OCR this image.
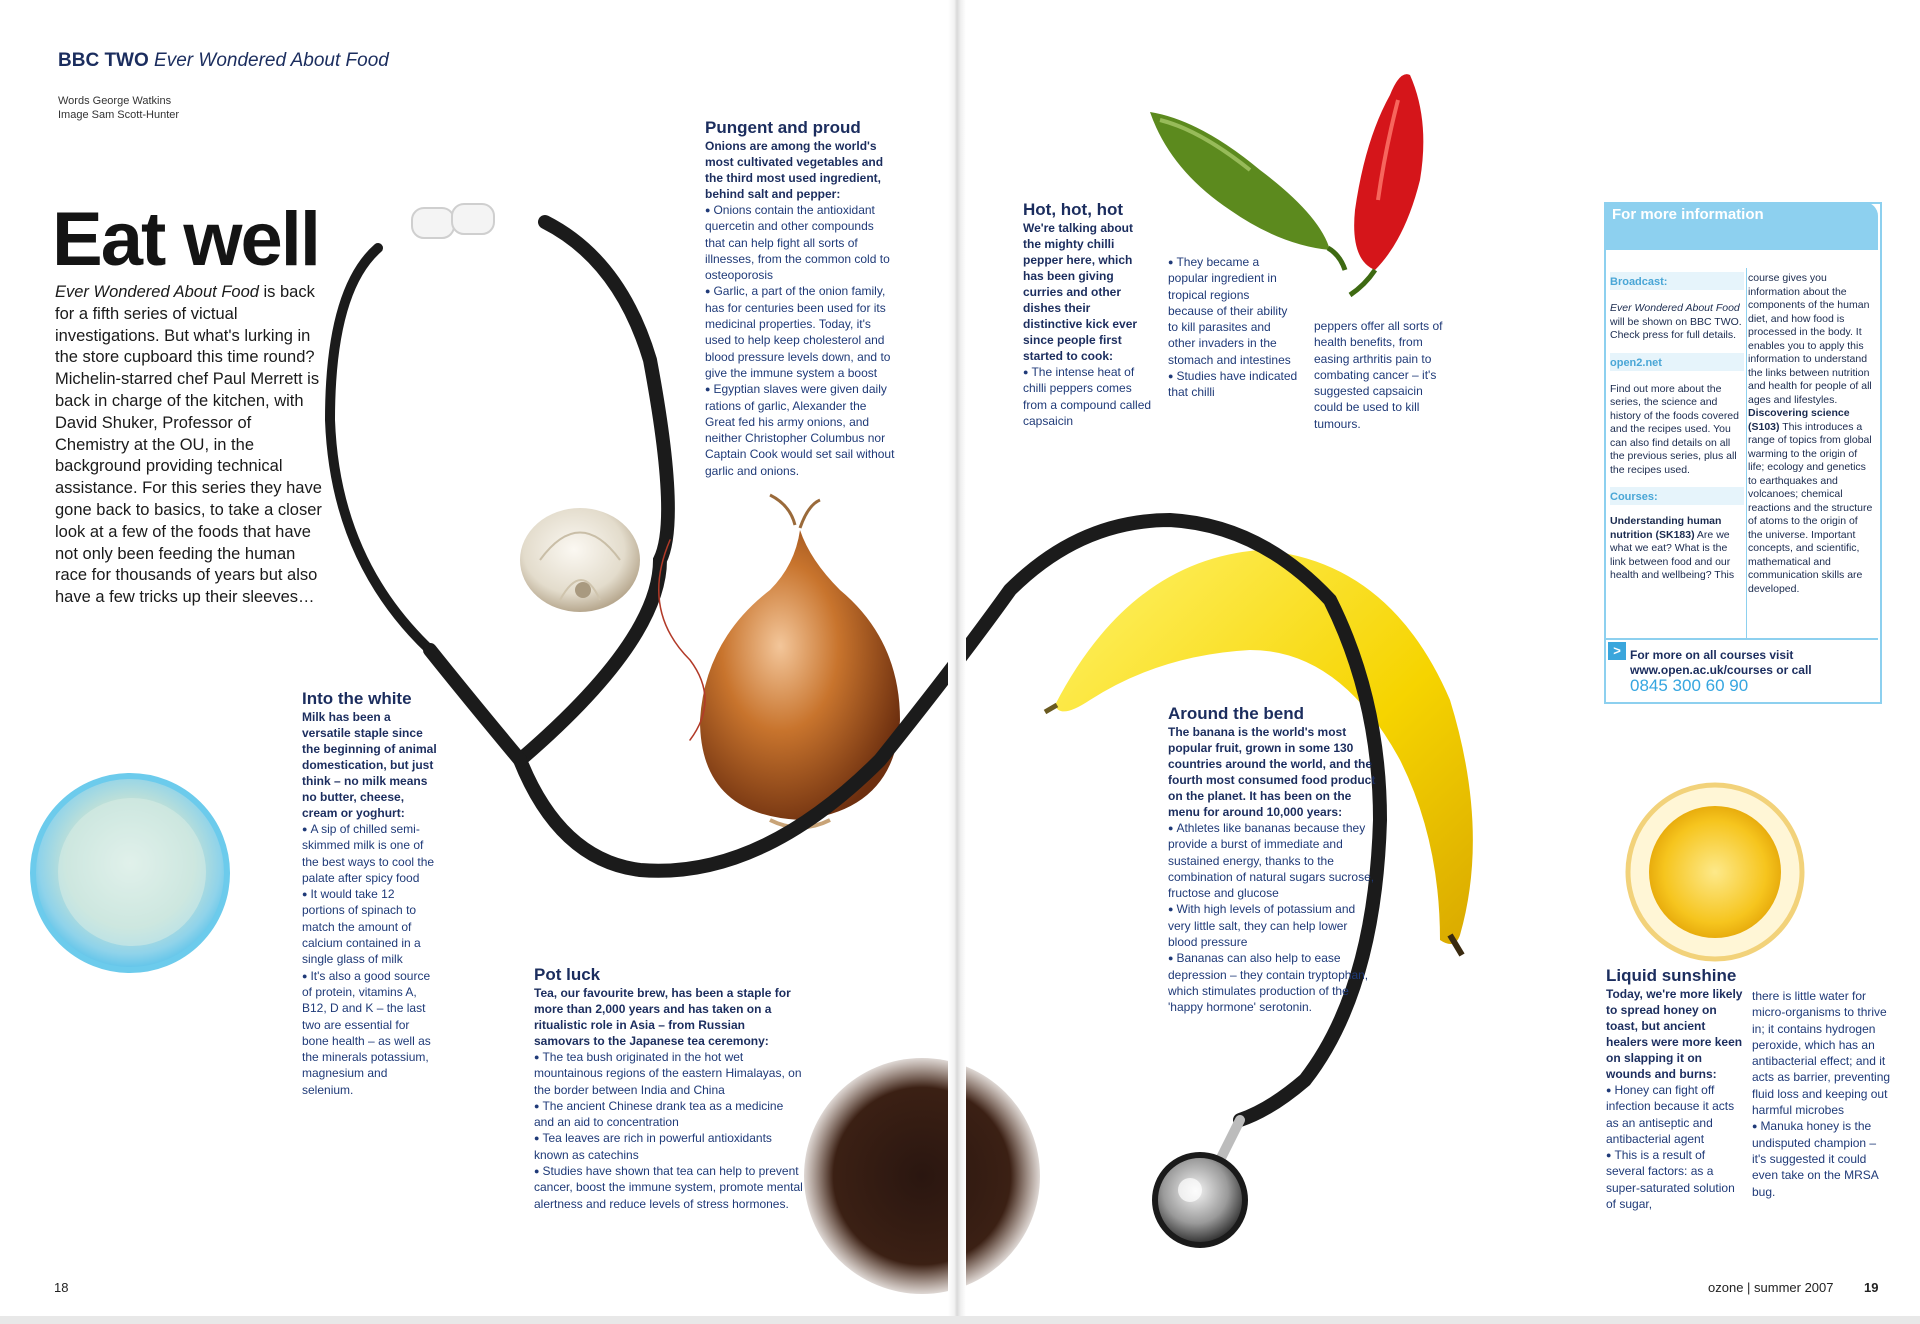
BBC TWO Ever Wondered About Food
Words George Watkins
Image Sam Scott-Hunter
Eat well
Ever Wondered About Food is back for a fifth series of victual investigations. But what's lurking in the store cupboard this time round? Michelin-starred chef Paul Merrett is back in charge of the kitchen, with David Shuker, Professor of Chemistry at the OU, in the background providing technical assistance. For this series they have gone back to basics, to take a closer look at a few of the foods that have not only been feeding the human race for thousands of years but also have a few tricks up their sleeves…
Pungent and proud
Onions are among the world's most cultivated vegetables and the third most used ingredient, behind salt and pepper:

● Onions contain the antioxidant quercetin and other compounds that can help fight all sorts of illnesses, from the common cold to osteoporosis

● Garlic, a part of the onion family, has for centuries been used for its medicinal properties. Today, it's used to help keep cholesterol and blood pressure levels down, and to give the immune system a boost

● Egyptian slaves were given daily rations of garlic, Alexander the Great fed his army onions, and neither Christopher Columbus nor Captain Cook would set sail without garlic and onions.

Into the white
Milk has been a versatile staple since the beginning of animal domestication, but just think – no milk means no butter, cheese, cream or yoghurt:

● A sip of chilled semi-skimmed milk is one of the best ways to cool the palate after spicy food

● It would take 12 portions of spinach to match the amount of calcium contained in a single glass of milk

● It's also a good source of protein, vitamins A, B12, D and K – the last two are essential for bone health – as well as the minerals potassium, magnesium and selenium.

Pot luck
Tea, our favourite brew, has been a staple for more than 2,000 years and has taken on a ritualistic role in Asia – from Russian samovars to the Japanese tea ceremony:

● The tea bush originated in the hot wet mountainous regions of the eastern Himalayas, on the border between India and China

● The ancient Chinese drank tea as a medicine and an aid to concentration

● Tea leaves are rich in powerful antioxidants known as catechins

● Studies have shown that tea can help to prevent cancer, boost the immune system, promote mental alertness and reduce levels of stress hormones.

18
Hot, hot, hot
We're talking about the mighty chilli pepper here, which has been giving curries and other dishes their distinctive kick ever since people first started to cook:

● The intense heat of chilli peppers comes from a compound called capsaicin

● They became a popular ingredient in tropical regions because of their ability to kill parasites and other invaders in the stomach and intestines

● Studies have indicated that chilli

peppers offer all sorts of health benefits, from easing arthritis pain to combating cancer – it's suggested capsaicin could be used to kill tumours.

Around the bend
The banana is the world's most popular fruit, grown in some 130 countries around the world, and the fourth most consumed food product on the planet. It has been on the menu for around 10,000 years:

● Athletes like bananas because they provide a burst of immediate and sustained energy, thanks to the combination of natural sugars sucrose, fructose and glucose

● With high levels of potassium and very little salt, they can help lower blood pressure

● Bananas can also help to ease depression – they contain tryptophan, which stimulates production of the 'happy hormone' serotonin.

Liquid sunshine
Today, we're more likely to spread honey on toast, but ancient healers were more keen on slapping it on wounds and burns:

● Honey can fight off infection because it acts as an antiseptic and antibacterial agent

● This is a result of several factors: as a super-saturated solution of sugar,

there is little water for micro-organisms to thrive in; it contains hydrogen peroxide, which has an antibacterial effect; and it acts as barrier, preventing fluid loss and keeping out harmful microbes

● Manuka honey is the undisputed champion – it's suggested it could even take on the MRSA bug.

For more information
Broadcast:
Ever Wondered About Food will be shown on BBC TWO. Check press for full details.
open2.net
Find out more about the series, the science and history of the foods covered and the recipes used. You can also find details on all the previous series, plus all the recipes used.
Courses:
Understanding human nutrition (SK183) Are we what we eat? What is the link between food and our health and wellbeing? This
course gives you information about the components of the human diet, and how food is processed in the body. It enables you to apply this information to understand the links between nutrition and health for people of all ages and lifestyles.
Discovering science (S103) This introduces a range of topics from global warming to the origin of life; ecology and genetics to earthquakes and volcanoes; chemical reactions and the structure of atoms to the origin of the universe. Important concepts, and scientific, mathematical and communication skills are developed.
> For more on all courses visit
www.open.ac.uk/courses or call
0845 300 60 90
ozone | summer 2007 19
